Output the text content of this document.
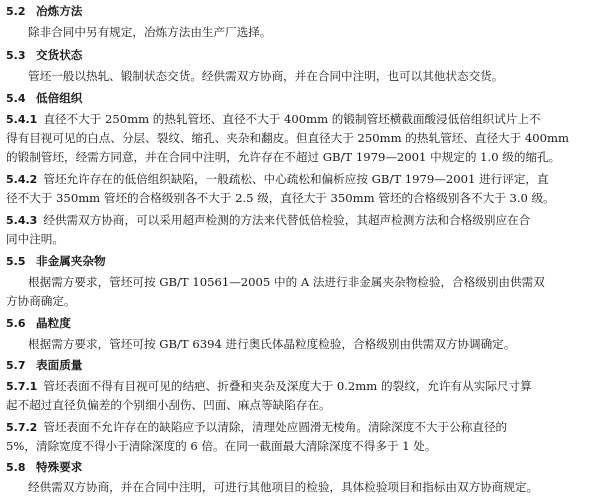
5.2 冶炼方法
除非合同中另有规定，冶炼方法由生产厂选择。
5.3 交货状态
管坯一般以热轧、锻制状态交货。经供需双方协商，并在合同中注明，也可以其他状态交货。
5.4 低倍组织
5.4.1 直径不大于 250mm 的热轧管坯、直径不大于 400mm 的锻制管坯横截面酸浸低倍组织试片上不
得有目视可见的白点、分层、裂纹、缩孔、夹杂和翻皮。但直径大于 250mm 的热轧管坯、直径大于 400mm
的锻制管坯，经需方同意，并在合同中注明，允许存在不超过 GB/T 1979—2001 中规定的 1.0 级的缩孔。
5.4.2 管坯允许存在的低倍组织缺陷，一般疏松、中心疏松和偏析应按 GB/T 1979—2001 进行评定，直
径不大于 350mm 管坯的合格级别各不大于 2.5 级，直径大于 350mm 管坯的合格级别各不大于 3.0 级。
5.4.3 经供需双方协商，可以采用超声检测的方法来代替低倍检验，其超声检测方法和合格级别应在合
同中注明。
5.5 非金属夹杂物
根据需方要求，管坯可按 GB/T 10561—2005 中的 A 法进行非金属夹杂物检验，合格级别由供需双
方协商确定。
5.6 晶粒度
根据需方要求，管坯可按 GB/T 6394 进行奥氏体晶粒度检验，合格级别由供需双方协调确定。
5.7 表面质量
5.7.1 管坯表面不得有目视可见的结疤、折叠和夹杂及深度大于 0.2mm 的裂纹，允许有从实际尺寸算
起不超过直径负偏差的个别细小刮伤、凹面、麻点等缺陷存在。
5.7.2 管坯表面不允许存在的缺陷应予以清除，清理处应圆滑无棱角。清除深度不大于公称直径的
5%，清除宽度不得小于清除深度的 6 倍。在同一截面最大清除深度不得多于 1 处。
5.8 特殊要求
经供需双方协商，并在合同中注明，可进行其他项目的检验，具体检验项目和指标由双方协商规定。
